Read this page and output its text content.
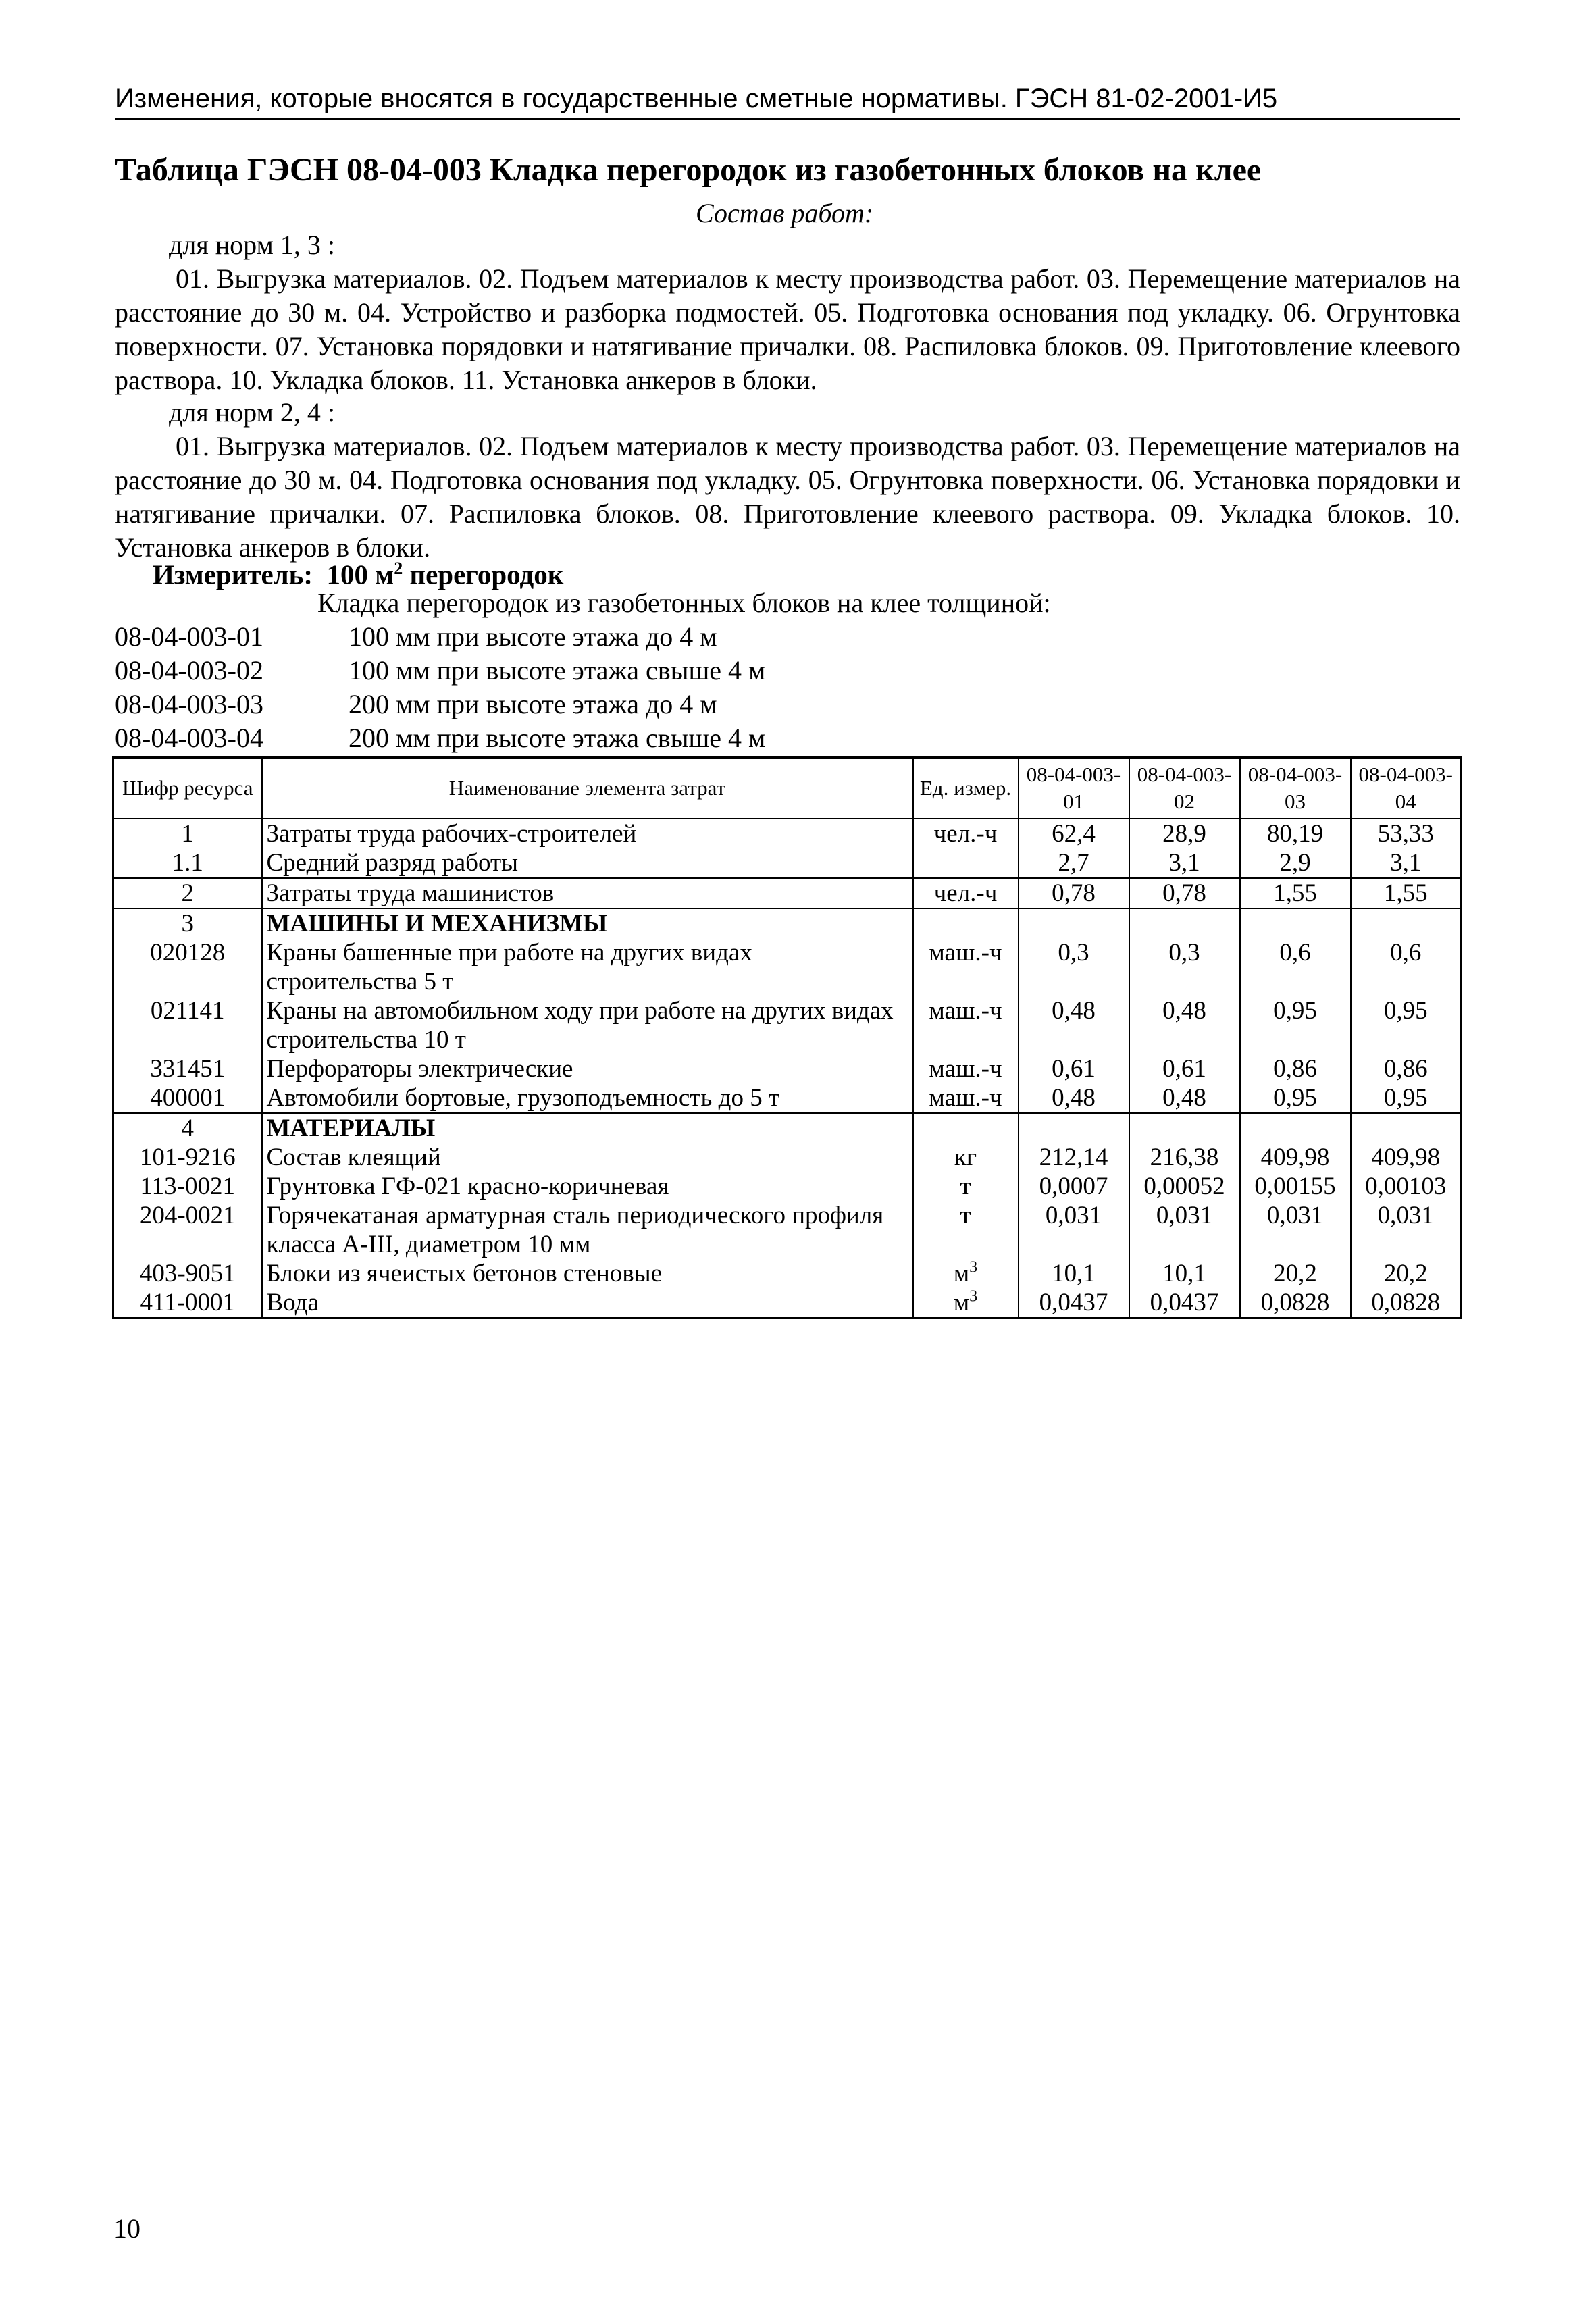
Изменения, которые вносятся в государственные сметные нормативы. ГЭСН 81-02-2001-И5
Таблица ГЭСН 08-04-003 Кладка перегородок из газобетонных блоков на клее
Состав работ:
для норм 1, 3 :
01. Выгрузка материалов. 02. Подъем материалов к месту производства работ. 03. Перемещение материалов на расстояние до 30 м. 04. Устройство и разборка подмостей. 05. Подготовка основания под укладку. 06. Огрунтовка поверхности. 07. Установка порядовки и натягивание причалки. 08. Распиловка блоков. 09. Приготовление клеевого раствора. 10. Укладка блоков. 11. Установка анкеров в блоки.
для норм 2, 4 :
01. Выгрузка материалов. 02. Подъем материалов к месту производства работ. 03. Перемещение материалов на расстояние до 30 м. 04. Подготовка основания под укладку. 05. Огрунтовка поверхности. 06. Установка порядовки и натягивание причалки. 07. Распиловка блоков. 08. Приготовление клеевого раствора. 09. Укладка блоков. 10. Установка анкеров в блоки.
Измеритель: 100 $м^2$ перегородок
Кладка перегородок из газобетонных блоков на клее толщиной:
08-04-003-01	100 мм при высоте этажа до 4 м
08-04-003-02	100 мм при высоте этажа свыше 4 м
08-04-003-03	200 мм при высоте этажа до 4 м
08-04-003-04	200 мм при высоте этажа свыше 4 м
Шифр ресурса	Наименование элемента затрат	Ед. измер.	08-04-003-01	08-04-003-02	08-04-003-03	08-04-003-04
1	Затраты труда рабочих-строителей	чел.-ч	62,4	28,9	80,19	53,33
1.1	Средний разряд работы		2,7	3,1	2,9	3,1
2	Затраты труда машинистов	чел.-ч	0,78	0,78	1,55	1,55
3	МАШИНЫ И МЕХАНИЗМЫ					
020128	Краны башенные при работе на других видах строительства 5 т	маш.-ч	0,3	0,3	0,6	0,6
021141	Краны на автомобильном ходу при работе на других видах строительства 10 т	маш.-ч	0,48	0,48	0,95	0,95
331451	Перфораторы электрические	маш.-ч	0,61	0,61	0,86	0,86
400001	Автомобили бортовые, грузоподъемность до 5 т	маш.-ч	0,48	0,48	0,95	0,95
4	МАТЕРИАЛЫ					
101-9216	Состав клеящий	кг	212,14	216,38	409,98	409,98
113-0021	Грунтовка ГФ-021 красно-коричневая	т	0,0007	0,00052	0,00155	0,00103
204-0021	Горячекатаная арматурная сталь периодического профиля класса А-III, диаметром 10 мм	т	0,031	0,031	0,031	0,031
403-9051	Блоки из ячеистых бетонов стеновые	$м^3$	10,1	10,1	20,2	20,2
411-0001	Вода	$м^3$	0,0437	0,0437	0,0828	0,0828
10
